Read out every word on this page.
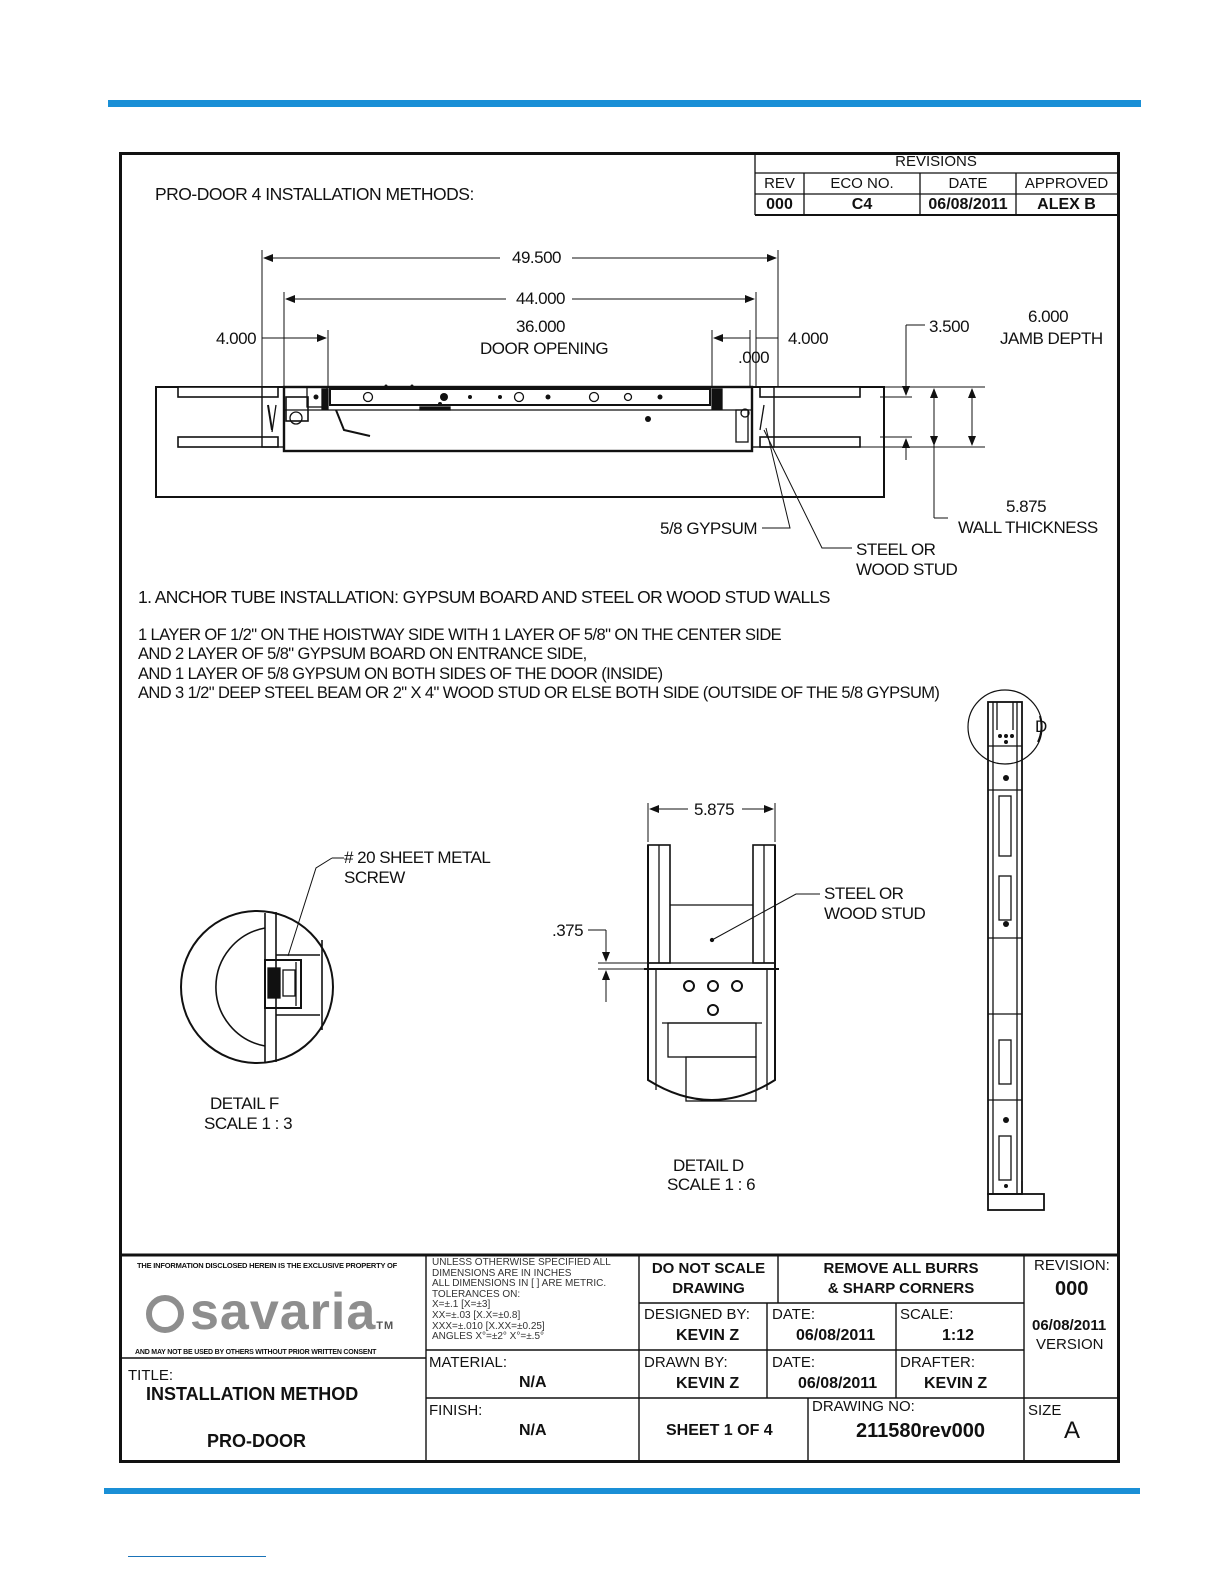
PRO-DOOR 4 INSTALLATION METHODS:
REVISIONS
REV	ECO NO.	DATE	APPROVED
000	C4	06/08/2011	ALEX B
49.500
44.000
36.000
DOOR OPENING
4.000	4.000
.000
3.500
6.000
JAMB DEPTH
5.875
WALL THICKNESS
5/8 GYPSUM
STEEL OR
WOOD STUD
1. ANCHOR TUBE INSTALLATION: GYPSUM BOARD AND STEEL OR WOOD STUD WALLS
1 LAYER OF 1/2" ON THE HOISTWAY SIDE WITH 1 LAYER OF 5/8" ON THE CENTER SIDE
AND 2 LAYER OF 5/8" GYPSUM BOARD ON ENTRANCE SIDE,
AND 1 LAYER OF 5/8 GYPSUM ON BOTH SIDES OF THE DOOR (INSIDE)
AND 3 1/2" DEEP STEEL BEAM OR 2" X 4" WOOD STUD OR ELSE BOTH SIDE (OUTSIDE OF THE 5/8 GYPSUM)
# 20 SHEET METAL
SCREW
DETAIL F
SCALE 1 : 3
5.875
.375
STEEL OR
WOOD STUD
DETAIL D
SCALE 1 : 6
D
THE INFORMATION DISCLOSED HEREIN IS THE EXCLUSIVE PROPERTY OF
savariaTM
AND MAY NOT BE USED BY OTHERS WITHOUT PRIOR WRITTEN CONSENT
TITLE:
INSTALLATION METHOD
PRO-DOOR
UNLESS OTHERWISE SPECIFIED ALL
DIMENSIONS ARE IN INCHES
ALL DIMENSIONS IN [ ] ARE METRIC.
TOLERANCES ON:
X=±.1 [X=±3]
XX=±.03 [X.X=±0.8]
XXX=±.010 [X.XX=±0.25]
ANGLES X°=±2° X°=±.5°
MATERIAL:
N/A
FINISH:
N/A
DO NOT SCALE
DRAWING
REMOVE ALL BURRS
& SHARP CORNERS
DESIGNED BY:
KEVIN Z
DATE:
06/08/2011
SCALE:
1:12
DRAWN BY:
KEVIN Z
DATE:
06/08/2011
DRAFTER:
KEVIN Z
SHEET 1 OF 4
DRAWING NO:
211580rev000
REVISION:
000
06/08/2011
VERSION
SIZE
A
